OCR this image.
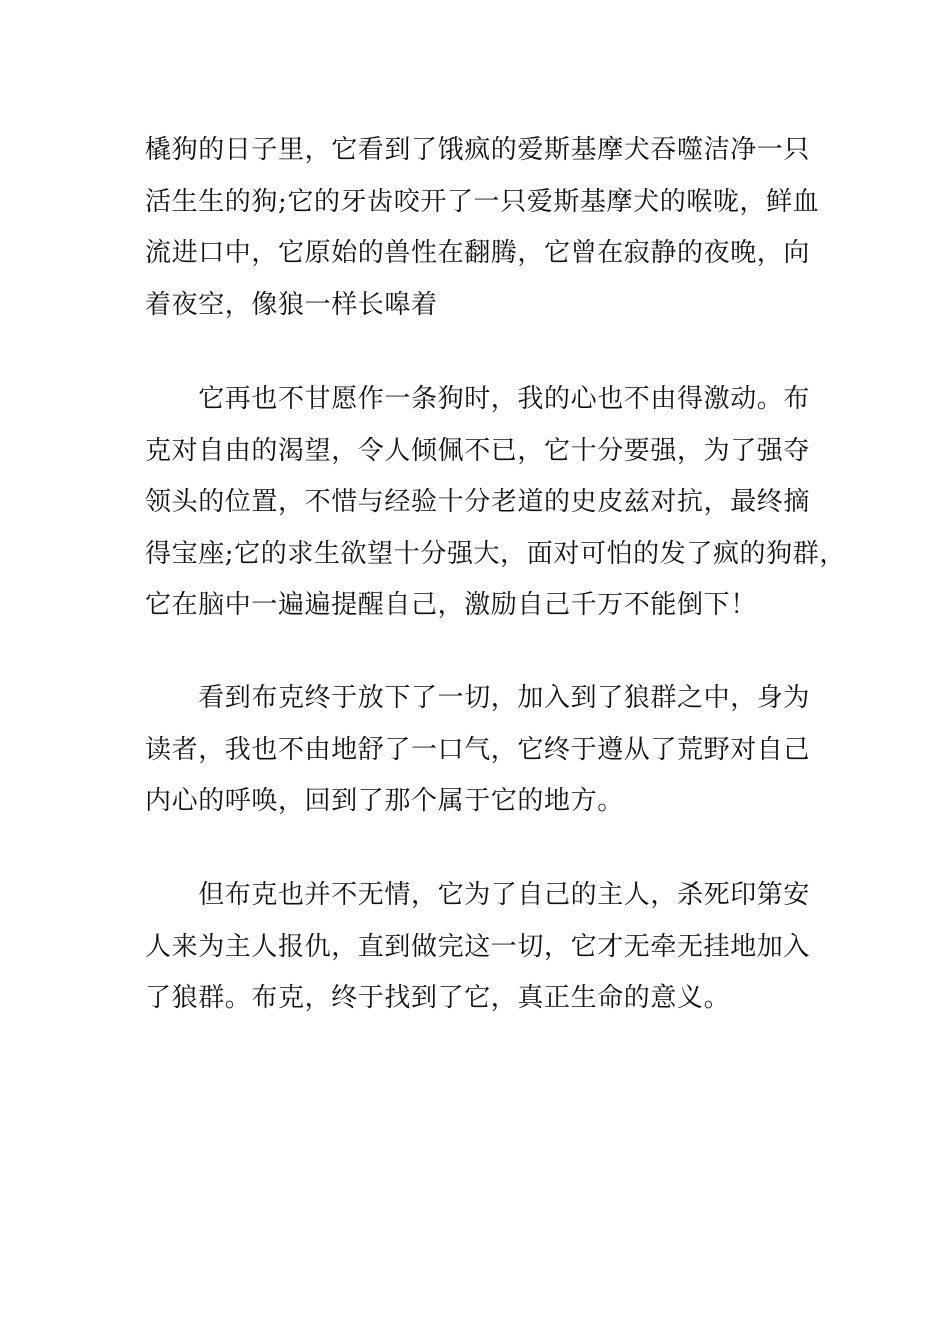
橇狗的日子里，它看到了饿疯的爱斯基摩犬吞噬洁净一只
活生生的狗;它的牙齿咬开了一只爱斯基摩犬的喉咙，鲜血
流进口中，它原始的兽性在翻腾，它曾在寂静的夜晚，向
着夜空，像狼一样长嗥着
　　它再也不甘愿作一条狗时，我的心也不由得激动。布
克对自由的渴望，令人倾佩不已，它十分要强，为了强夺
领头的位置，不惜与经验十分老道的史皮兹对抗，最终摘
得宝座;它的求生欲望十分强大，面对可怕的发了疯的狗群，
它在脑中一遍遍提醒自己，激励自己千万不能倒下！
　　看到布克终于放下了一切，加入到了狼群之中，身为
读者，我也不由地舒了一口气，它终于遵从了荒野对自己
内心的呼唤，回到了那个属于它的地方。
　　但布克也并不无情，它为了自己的主人，杀死印第安
人来为主人报仇，直到做完这一切，它才无牵无挂地加入
了狼群。布克，终于找到了它，真正生命的意义。
